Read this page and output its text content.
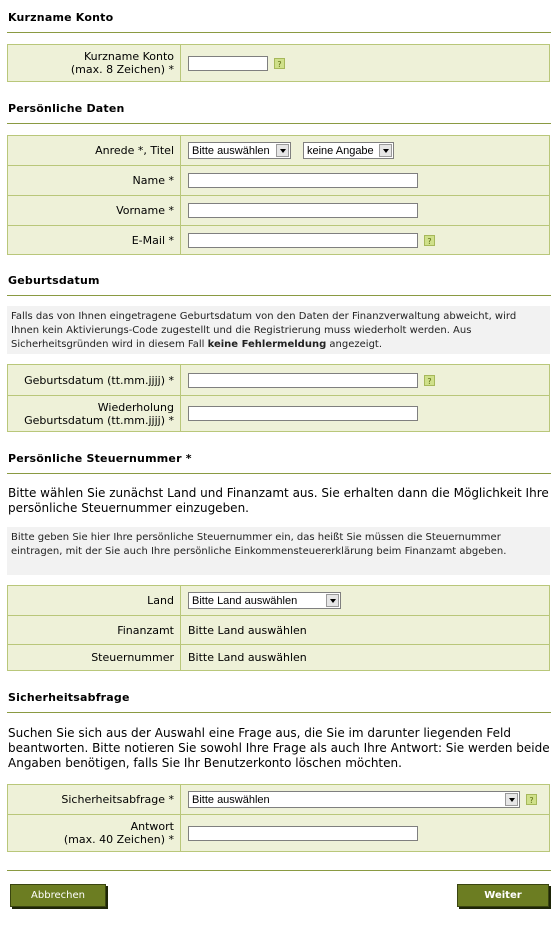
Kurzname Konto
Kurzname Konto
(max. 8 Zeichen) *	?
Persönliche Daten
Anrede *, Titel	Bitte auswählen	keine Angabe
Name *
Vorname *
E-Mail *	?
Geburtsdatum
Falls das von Ihnen eingetragene Geburtsdatum von den Daten der Finanzverwaltung abweicht, wird Ihnen kein Aktivierungs-Code zugestellt und die Registrierung muss wiederholt werden. Aus Sicherheitsgründen wird in diesem Fall keine Fehlermeldung angezeigt.
Geburtsdatum (tt.mm.jjjj) *	?
Wiederholung
Geburtsdatum (tt.mm.jjjj) *
Persönliche Steuernummer *
Bitte wählen Sie zunächst Land und Finanzamt aus. Sie erhalten dann die Möglichkeit Ihre persönliche Steuernummer einzugeben.
Bitte geben Sie hier Ihre persönliche Steuernummer ein, das heißt Sie müssen die Steuernummer eintragen, mit der Sie auch Ihre persönliche Einkommensteuererklärung beim Finanzamt abgeben.
Land	Bitte Land auswählen
Finanzamt	Bitte Land auswählen
Steuernummer	Bitte Land auswählen
Sicherheitsabfrage
Suchen Sie sich aus der Auswahl eine Frage aus, die Sie im darunter liegenden Feld beantworten. Bitte notieren Sie sowohl Ihre Frage als auch Ihre Antwort: Sie werden beide Angaben benötigen, falls Sie Ihr Benutzerkonto löschen möchten.
Sicherheitsabfrage *	Bitte auswählen	?
Antwort
(max. 40 Zeichen) *
Abbrechen	Weiter
